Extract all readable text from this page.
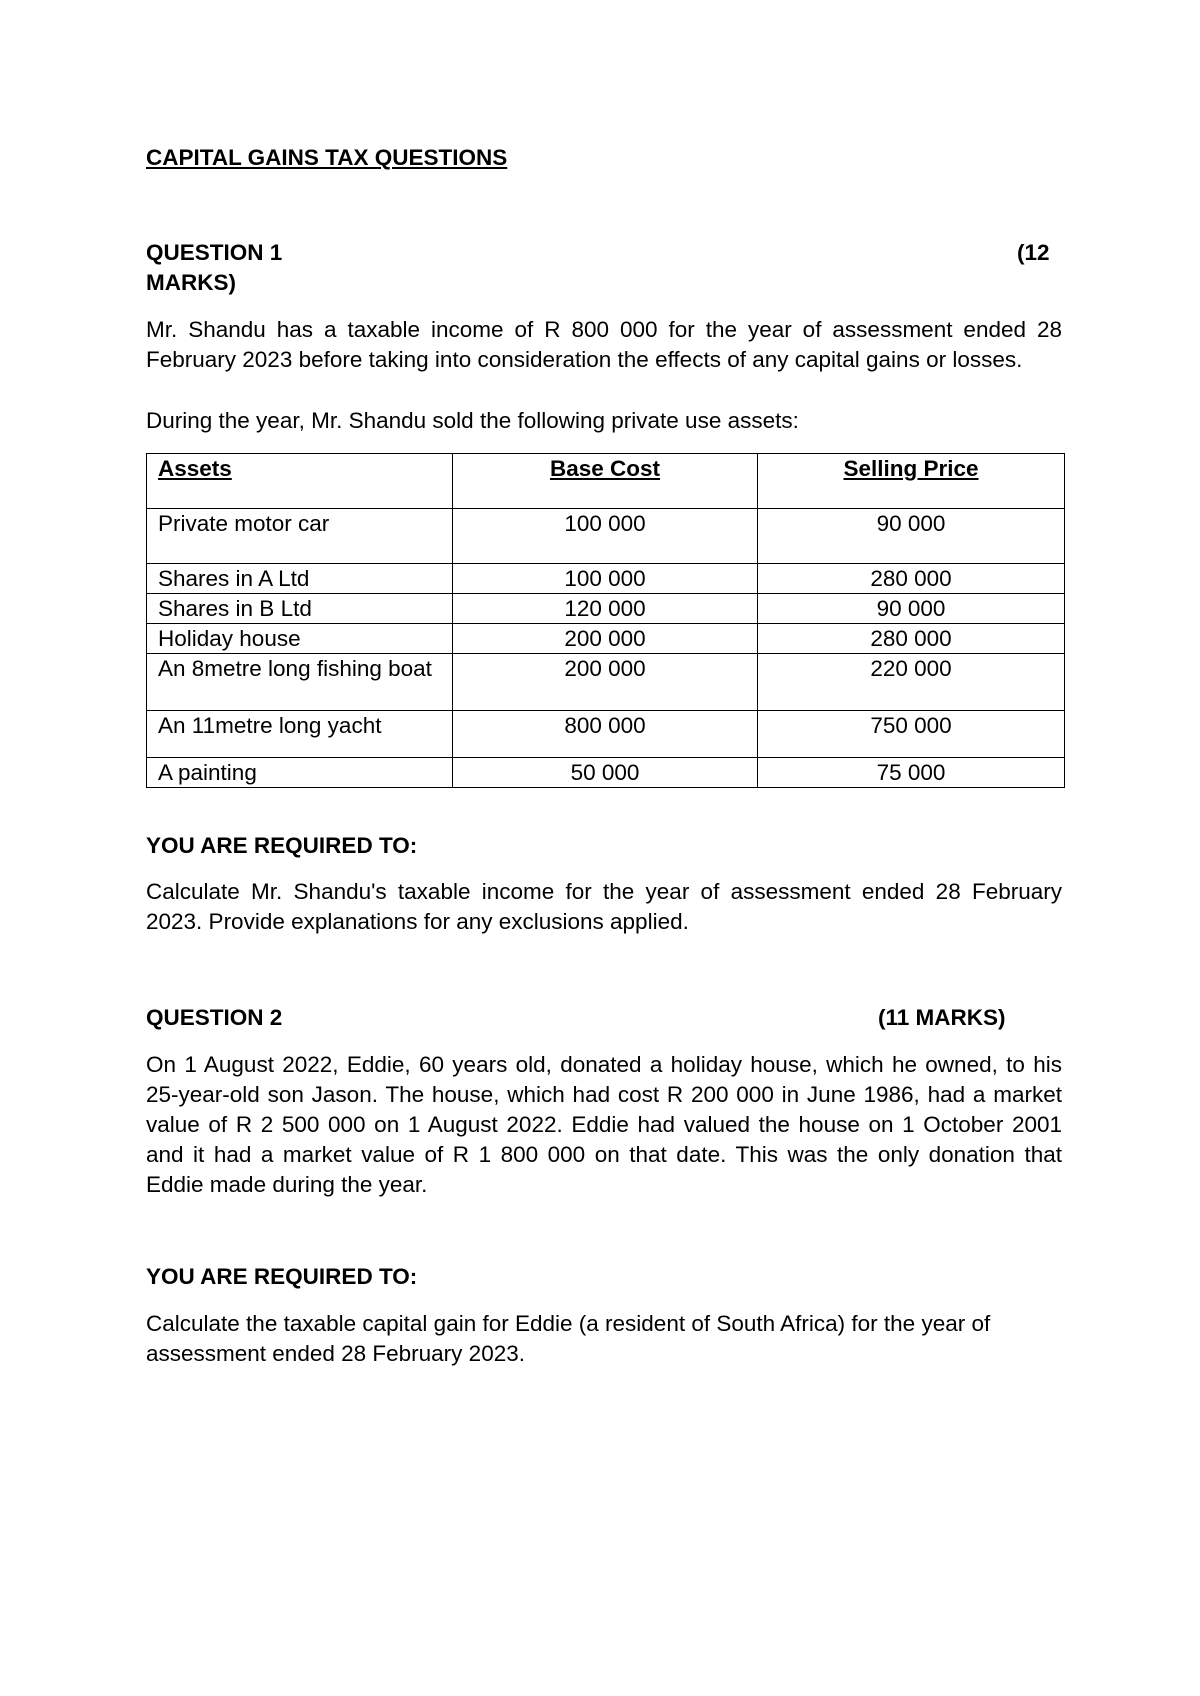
CAPITAL GAINS TAX QUESTIONS
QUESTION 1	(12
MARKS)

Mr. Shandu has a taxable income of R 800 000 for the year of assessment ended 28 February 2023 before taking into consideration the effects of any capital gains or losses.

During the year, Mr. Shandu sold the following private use assets:

Assets	Base Cost	Selling Price
Private motor car	100 000	90 000
Shares in A Ltd	100 000	280 000
Shares in B Ltd	120 000	90 000
Holiday house	200 000	280 000
An 8metre long fishing boat	200 000	220 000
An 11metre long yacht	800 000	750 000
A painting	50 000	75 000

YOU ARE REQUIRED TO:

Calculate Mr. Shandu's taxable income for the year of assessment ended 28 February 2023. Provide explanations for any exclusions applied.

QUESTION 2	(11 MARKS)

On 1 August 2022, Eddie, 60 years old, donated a holiday house, which he owned, to his 25-year-old son Jason. The house, which had cost R 200 000 in June 1986, had a market value of R 2 500 000 on 1 August 2022. Eddie had valued the house on 1 October 2001 and it had a market value of R 1 800 000 on that date. This was the only donation that Eddie made during the year.

YOU ARE REQUIRED TO:

Calculate the taxable capital gain for Eddie (a resident of South Africa) for the year of assessment ended 28 February 2023.
